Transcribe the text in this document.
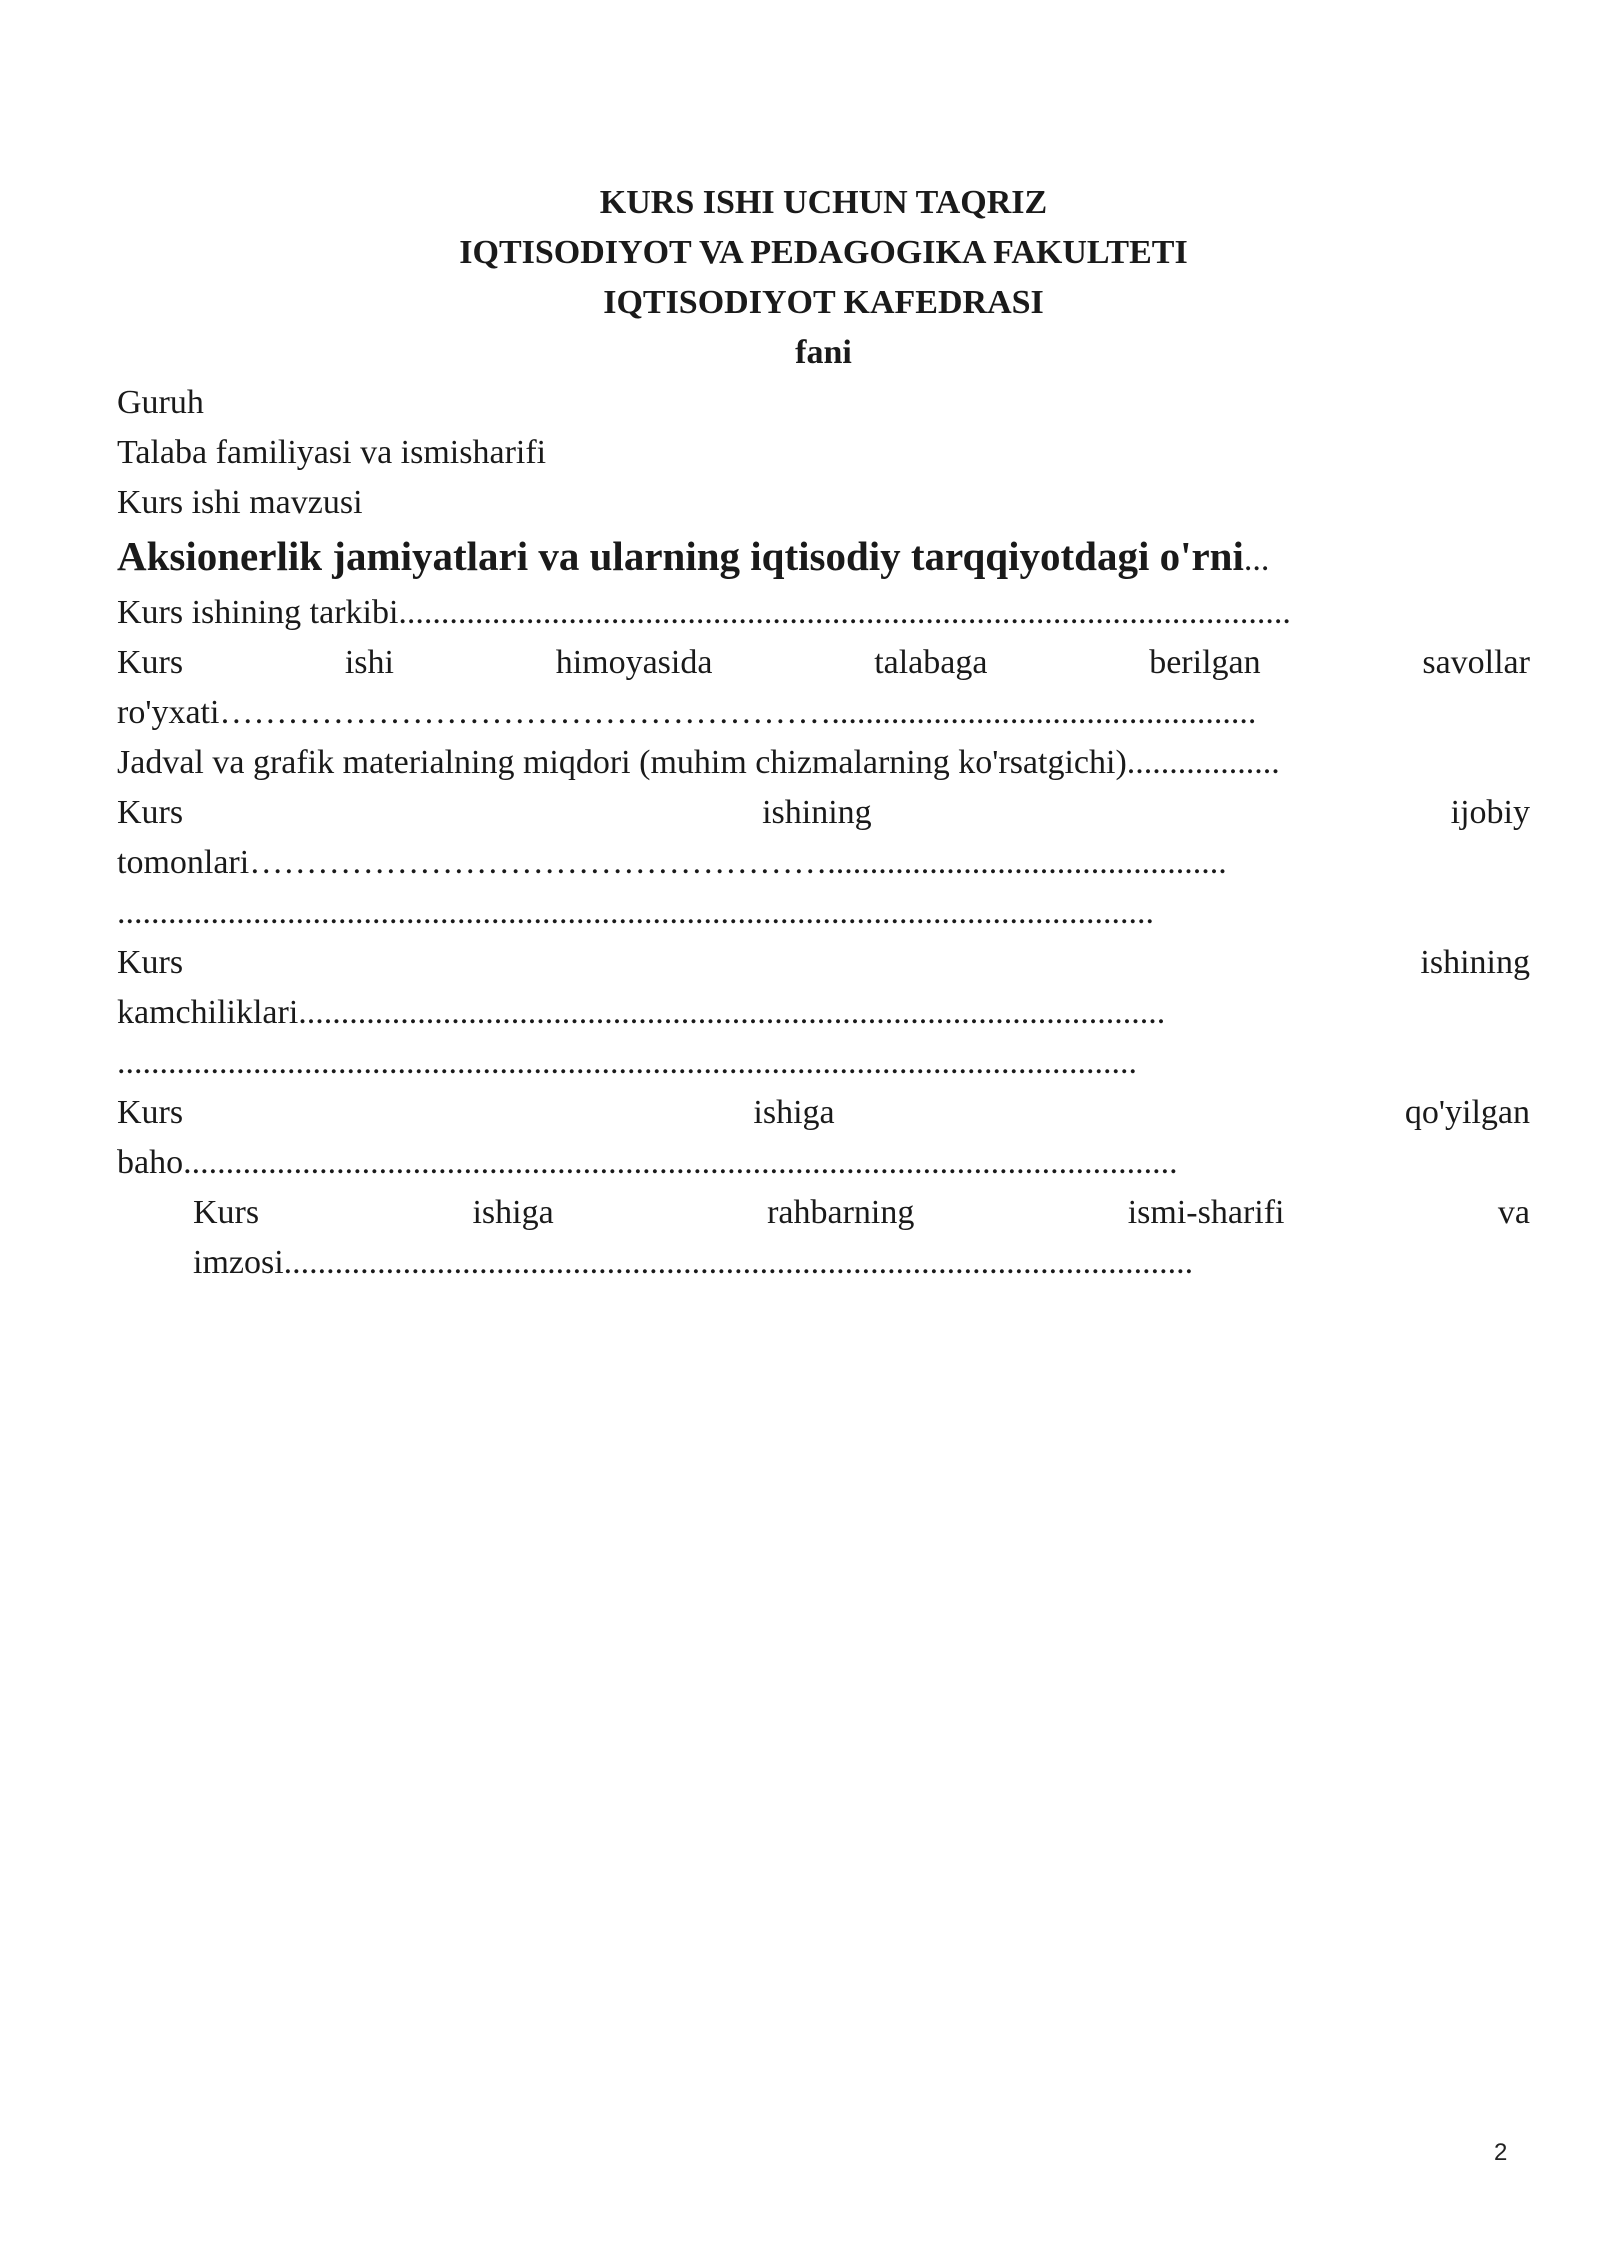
KURS ISHI UCHUN TAQRIZ
IQTISODIYOT VA PEDAGOGIKA FAKULTETI
IQTISODIYOT KAFEDRASI
fani
Guruh
Talaba familiyasi va ismisharifi
Kurs ishi mavzusi
Aksionerlik jamiyatlari va ularning iqtisodiy tarqqiyotdagi o'rni...
Kurs ishining tarkibi.........................................................................................................
Kurs	ishi	himoyasida	talabaga	berilgan	savollar
ro'yxati………………………………………………..................................................
Jadval va grafik materialning miqdori (muhim chizmalarning ko'rsatgichi)..................
Kurs	ishining	ijobiy
tomonlari……………………………………………...............................................
..........................................................................................................................
Kurs	ishining
kamchiliklari......................................................................................................
........................................................................................................................
Kurs	ishiga	qo'yilgan
baho.....................................................................................................................
Kurs	ishiga	rahbarning	ismi-sharifi	va
imzosi...........................................................................................................
2
